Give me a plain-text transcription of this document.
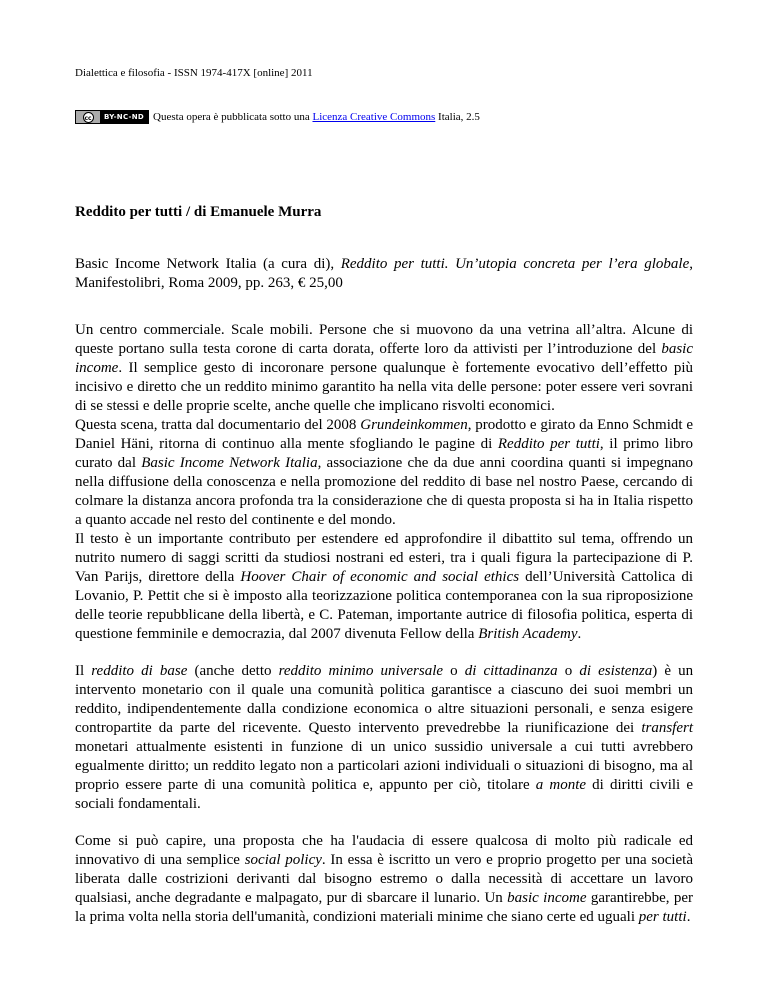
Dialettica e filosofia - ISSN 1974-417X [online] 2011
cc	BY-NC-ND Questa opera è pubblicata sotto una
Licenza Creative Commons
Italia, 2.5
Reddito per tutti / di Emanuele Murra

Basic Income Network Italia (a cura di), Reddito per tutti. Un’utopia concreta per l’era globale, Manifestolibri, Roma 2009, pp. 263, € 25,00

Un centro commerciale. Scale mobili. Persone che si muovono da una vetrina all’altra. Alcune di queste portano sulla testa corone di carta dorata, offerte loro da attivisti per l’introduzione del basic income. Il semplice gesto di incoronare persone qualunque è fortemente evocativo dell’effetto più incisivo e diretto che un reddito minimo garantito ha nella vita delle persone: poter essere veri sovrani di se stessi e delle proprie scelte, anche quelle che implicano risvolti economici.

Questa scena, tratta dal documentario del 2008 Grundeinkommen, prodotto e girato da Enno Schmidt e Daniel Häni, ritorna di continuo alla mente sfogliando le pagine di Reddito per tutti, il primo libro curato dal Basic Income Network Italia, associazione che da due anni coordina quanti si impegnano nella diffusione della conoscenza e nella promozione del reddito di base nel nostro Paese, cercando di colmare la distanza ancora profonda tra la considerazione che di questa proposta si ha in Italia rispetto a quanto accade nel resto del continente e del mondo.

Il testo è un importante contributo per estendere ed approfondire il dibattito sul tema, offrendo un nutrito numero di saggi scritti da studiosi nostrani ed esteri, tra i quali figura la partecipazione di P. Van Parijs, direttore della Hoover Chair of economic and social ethics dell’Università Cattolica di Lovanio, P. Pettit che si è imposto alla teorizzazione politica contemporanea con la sua riproposizione delle teorie repubblicane della libertà, e C. Pateman, importante autrice di filosofia politica, esperta di questione femminile e democrazia, dal 2007 divenuta Fellow della British Academy.

Il reddito di base (anche detto reddito minimo universale o di cittadinanza o di esistenza) è un intervento monetario con il quale una comunità politica garantisce a ciascuno dei suoi membri un reddito, indipendentemente dalla condizione economica o altre situazioni personali, e senza esigere contropartite da parte del ricevente. Questo intervento prevedrebbe la riunificazione dei transfert monetari attualmente esistenti in funzione di un unico sussidio universale a cui tutti avrebbero egualmente diritto; un reddito legato non a particolari azioni individuali o situazioni di bisogno, ma al proprio essere parte di una comunità politica e, appunto per ciò, titolare a monte di diritti civili e sociali fondamentali.

Come si può capire, una proposta che ha l'audacia di essere qualcosa di molto più radicale ed innovativo di una semplice social policy. In essa è iscritto un vero e proprio progetto per una società liberata dalle costrizioni derivanti dal bisogno estremo o dalla necessità di accettare un lavoro qualsiasi, anche degradante e malpagato, pur di sbarcare il lunario. Un basic income garantirebbe, per la prima volta nella storia dell'umanità, condizioni materiali minime che siano certe ed uguali per tutti.
